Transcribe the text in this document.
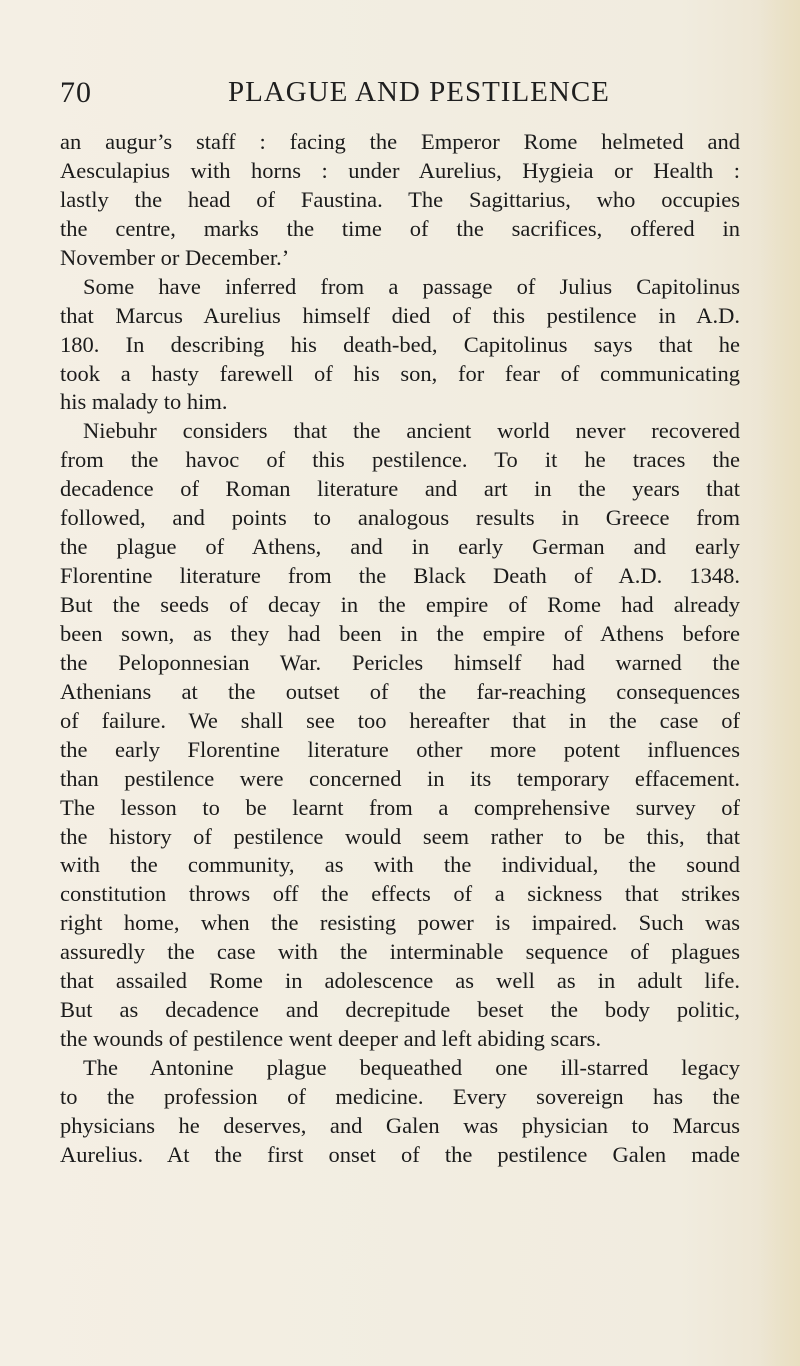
70	PLAGUE AND PESTILENCE
an augur’s staff : facing the Emperor Rome helmeted and
Aesculapius with horns : under Aurelius, Hygieia or Health :
lastly the head of Faustina. The Sagittarius, who occupies
the centre, marks the time of the sacrifices, offered in
November or December.’
Some have inferred from a passage of Julius Capitolinus
that Marcus Aurelius himself died of this pestilence in A.D.
180. In describing his death-bed, Capitolinus says that he
took a hasty farewell of his son, for fear of communicating
his malady to him.
Niebuhr considers that the ancient world never recovered
from the havoc of this pestilence. To it he traces the
decadence of Roman literature and art in the years that
followed, and points to analogous results in Greece from
the plague of Athens, and in early German and early
Florentine literature from the Black Death of A.D. 1348.
But the seeds of decay in the empire of Rome had already
been sown, as they had been in the empire of Athens before
the Peloponnesian War. Pericles himself had warned the
Athenians at the outset of the far-reaching consequences
of failure. We shall see too hereafter that in the case of
the early Florentine literature other more potent influences
than pestilence were concerned in its temporary effacement.
The lesson to be learnt from a comprehensive survey of
the history of pestilence would seem rather to be this, that
with the community, as with the individual, the sound
constitution throws off the effects of a sickness that strikes
right home, when the resisting power is impaired. Such was
assuredly the case with the interminable sequence of plagues
that assailed Rome in adolescence as well as in adult life.
But as decadence and decrepitude beset the body politic,
the wounds of pestilence went deeper and left abiding scars.
The Antonine plague bequeathed one ill-starred legacy
to the profession of medicine. Every sovereign has the
physicians he deserves, and Galen was physician to Marcus
Aurelius. At the first onset of the pestilence Galen made
